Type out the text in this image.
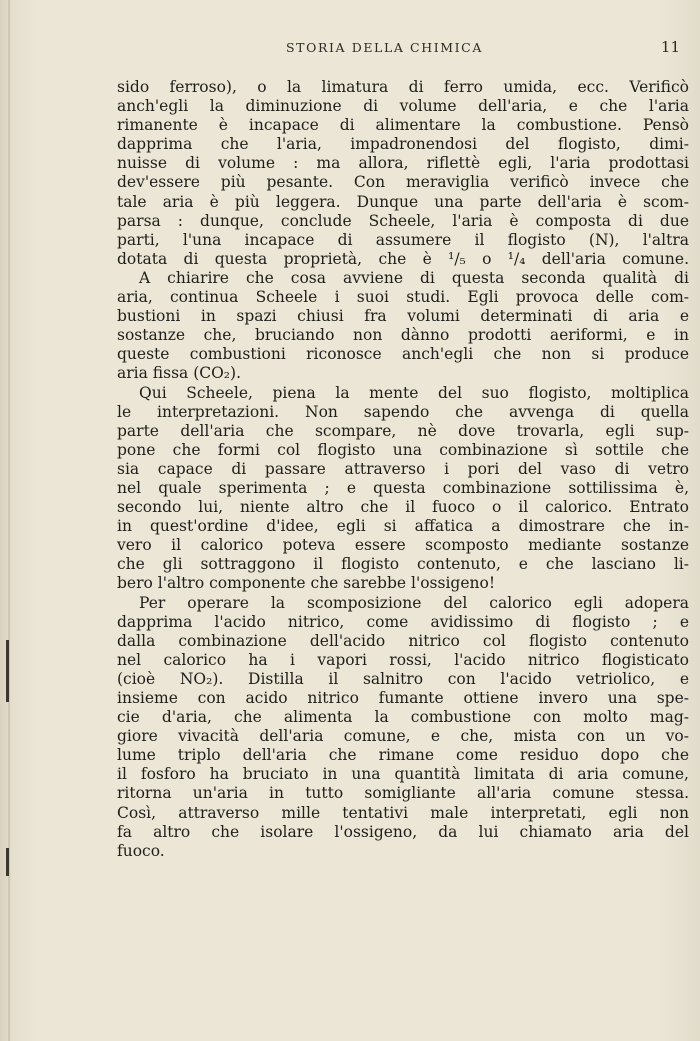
STORIA DELLA CHIMICA	11
sido ferroso), o la limatura di ferro umida, ecc. Verificò
anch'egli la diminuzione di volume dell'aria, e che l'aria
rimanente è incapace di alimentare la combustione. Pensò
dapprima che l'aria, impadronendosi del flogisto, dimi-
nuisse di volume : ma allora, riflettè egli, l'aria prodottasi
dev'essere più pesante. Con meraviglia verificò invece che
tale aria è più leggera. Dunque una parte dell'aria è scom-
parsa : dunque, conclude Scheele, l'aria è composta di due
parti, l'una incapace di assumere il flogisto (N), l'altra
dotata di questa proprietà, che è ¹/₅ o ¹/₄ dell'aria comune.
A chiarire che cosa avviene di questa seconda qualità di
aria, continua Scheele i suoi studi. Egli provoca delle com-
bustioni in spazi chiusi fra volumi determinati di aria e
sostanze che, bruciando non dànno prodotti aeriformi, e in
queste combustioni riconosce anch'egli che non si produce
aria fissa (CO₂).
Qui Scheele, piena la mente del suo flogisto, moltiplica
le interpretazioni. Non sapendo che avvenga di quella
parte dell'aria che scompare, nè dove trovarla, egli sup-
pone che formi col flogisto una combinazione sì sottile che
sia capace di passare attraverso i pori del vaso di vetro
nel quale sperimenta ; e questa combinazione sottilissima è,
secondo lui, niente altro che il fuoco o il calorico. Entrato
in quest'ordine d'idee, egli si affatica a dimostrare che in-
vero il calorico poteva essere scomposto mediante sostanze
che gli sottraggono il flogisto contenuto, e che lasciano li-
bero l'altro componente che sarebbe l'ossigeno!
Per operare la scomposizione del calorico egli adopera
dapprima l'acido nitrico, come avidissimo di flogisto ; e
dalla combinazione dell'acido nitrico col flogisto contenuto
nel calorico ha i vapori rossi, l'acido nitrico flogisticato
(cioè NO₂). Distilla il salnitro con l'acido vetriolico, e
insieme con acido nitrico fumante ottiene invero una spe-
cie d'aria, che alimenta la combustione con molto mag-
giore vivacità dell'aria comune, e che, mista con un vo-
lume triplo dell'aria che rimane come residuo dopo che
il fosforo ha bruciato in una quantità limitata di aria comune,
ritorna un'aria in tutto somigliante all'aria comune stessa.
Così, attraverso mille tentativi male interpretati, egli non
fa altro che isolare l'ossigeno, da lui chiamato aria del
fuoco.
